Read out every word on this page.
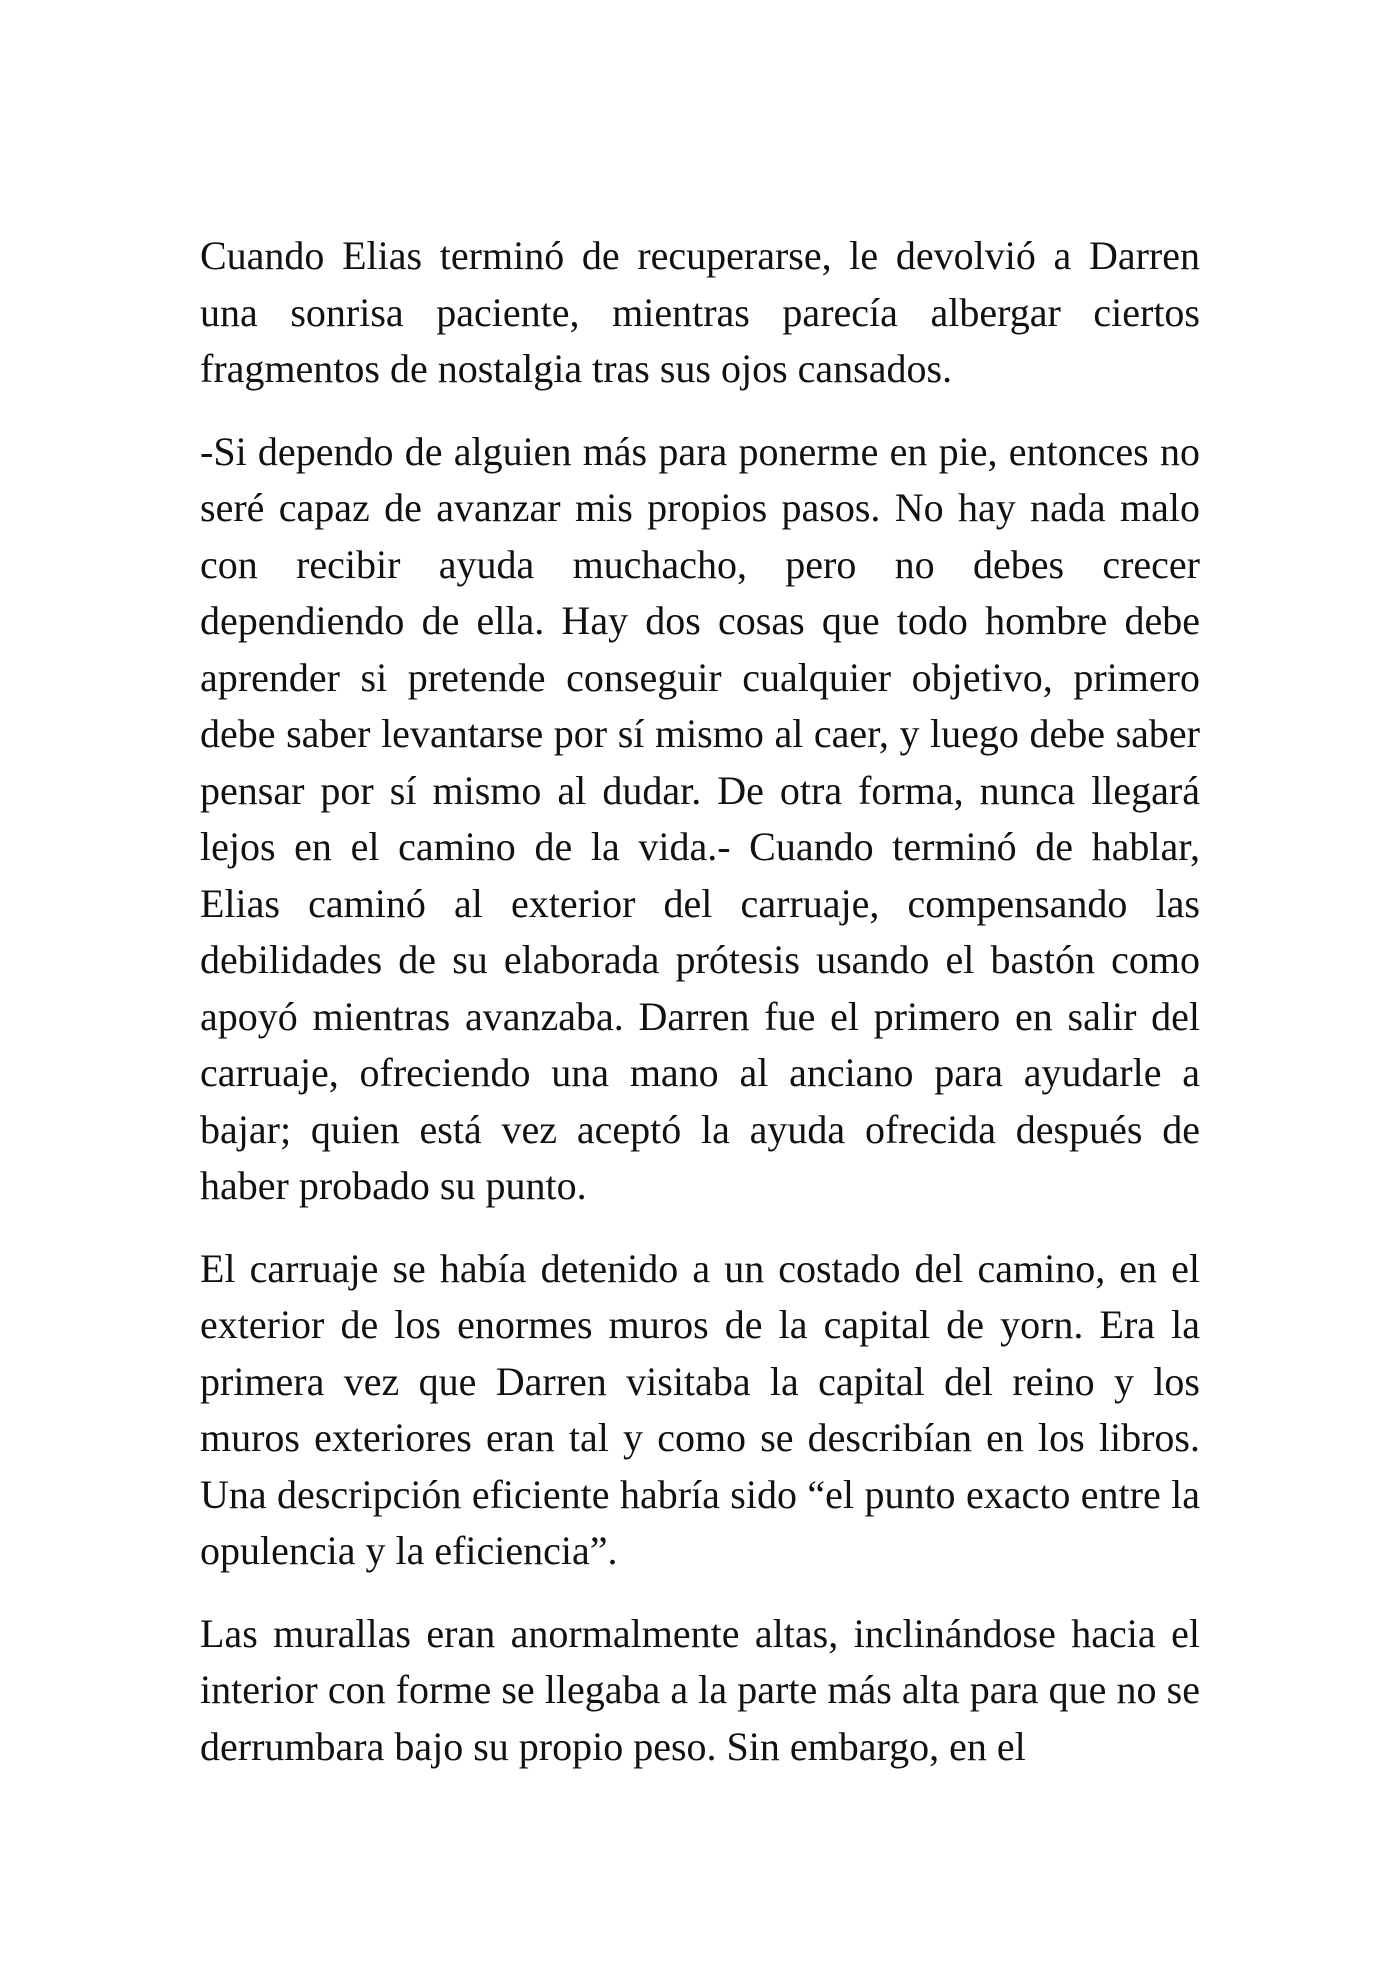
Cuando Elias terminó de recuperarse, le devolvió a Darren una sonrisa paciente, mientras parecía albergar ciertos fragmentos de nostalgia tras sus ojos cansados.

-Si dependo de alguien más para ponerme en pie, entonces no seré capaz de avanzar mis propios pasos. No hay nada malo con recibir ayuda muchacho, pero no debes crecer dependiendo de ella. Hay dos cosas que todo hombre debe aprender si pretende conseguir cualquier objetivo, primero debe saber levantarse por sí mismo al caer, y luego debe saber pensar por sí mismo al dudar. De otra forma, nunca llegará lejos en el camino de la vida.- Cuando terminó de hablar, Elias caminó al exterior del carruaje, compensando las debilidades de su elaborada prótesis usando el bastón como apoyó mientras avanzaba. Darren fue el primero en salir del carruaje, ofreciendo una mano al anciano para ayudarle a bajar; quien está vez aceptó la ayuda ofrecida después de haber probado su punto.

El carruaje se había detenido a un costado del camino, en el exterior de los enormes muros de la capital de yorn. Era la primera vez que Darren visitaba la capital del reino y los muros exteriores eran tal y como se describían en los libros. Una descripción eficiente habría sido “el punto exacto entre la opulencia y la eficiencia”.

Las murallas eran anormalmente altas, inclinándose hacia el interior con forme se llegaba a la parte más alta para que no se derrumbara bajo su propio peso. Sin embargo, en el
